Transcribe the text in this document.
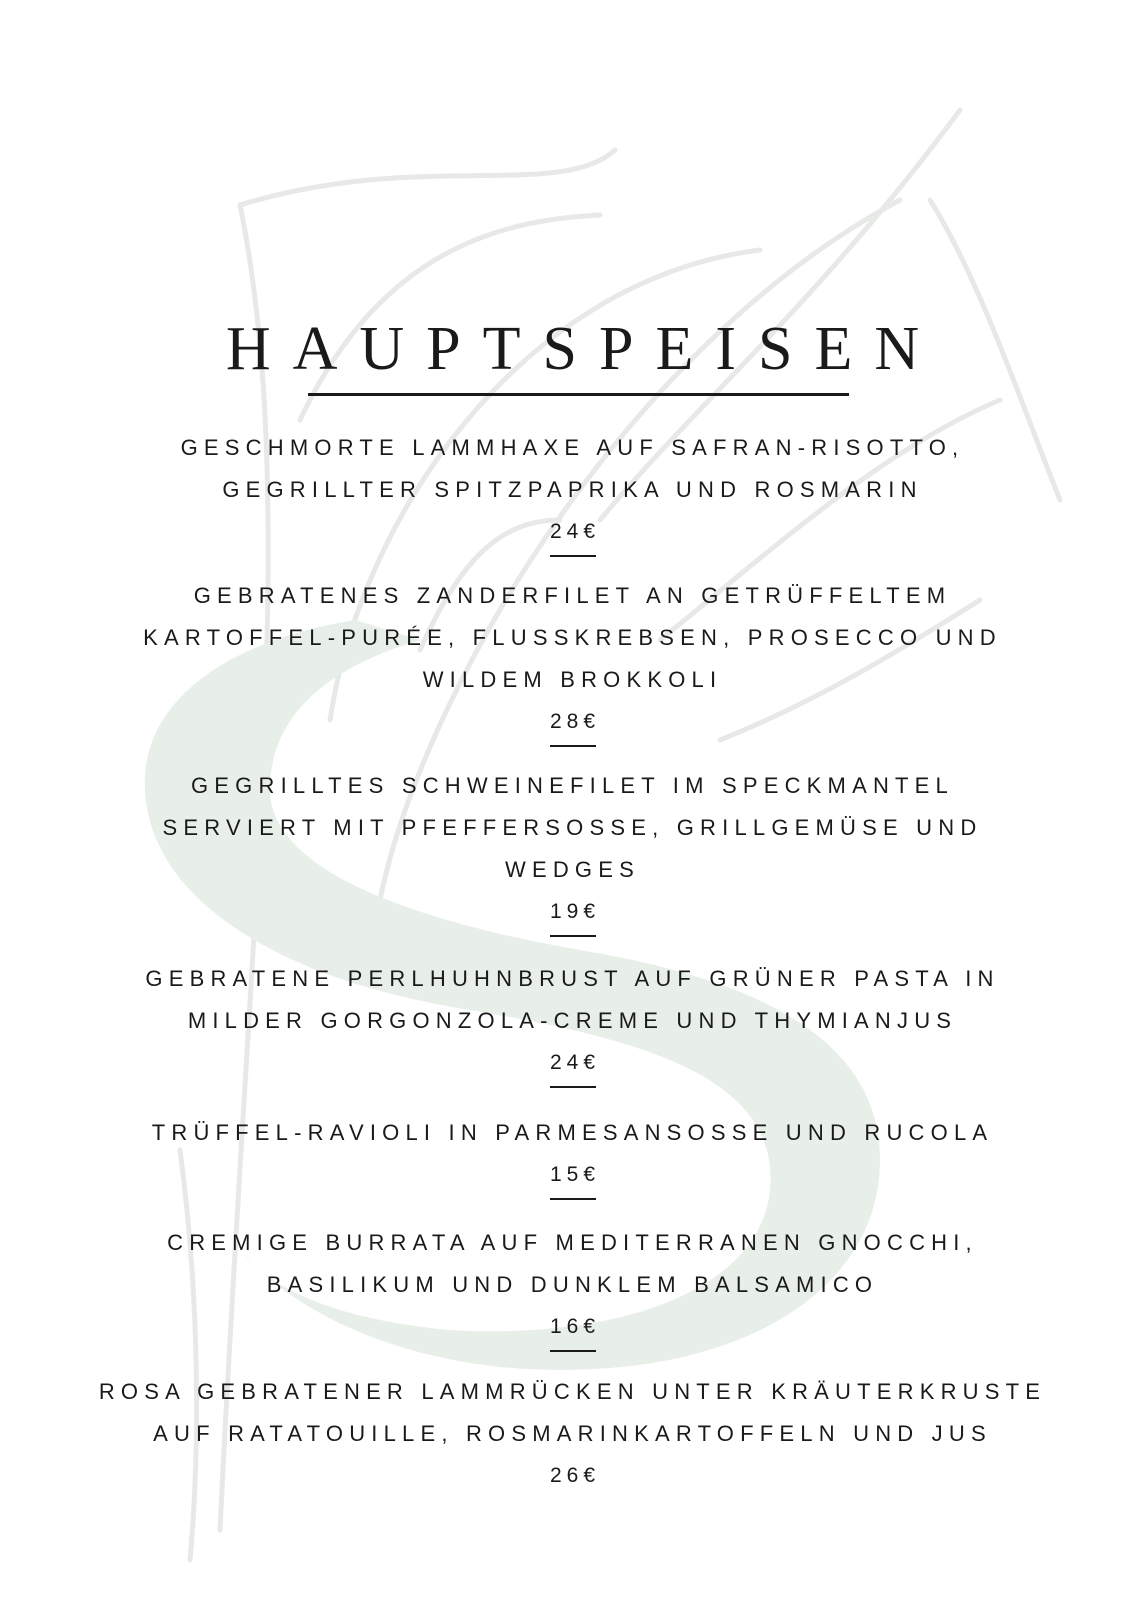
HAUPTSPEISEN

GESCHMORTE LAMMHAXE AUF SAFRAN-RISOTTO,
GEGRILLTER SPITZPAPRIKA UND ROSMARIN

24€

GEBRATENES ZANDERFILET AN GETRÜFFELTEM
KARTOFFEL-PURÉE, FLUSSKREBSEN, PROSECCO UND
WILDEM BROKKOLI

28€

GEGRILLTES SCHWEINEFILET IM SPECKMANTEL
SERVIERT MIT PFEFFERSOSSE, GRILLGEMÜSE UND
WEDGES

19€

GEBRATENE PERLHUHNBRUST AUF GRÜNER PASTA IN
MILDER GORGONZOLA-CREME UND THYMIANJUS

24€

TRÜFFEL-RAVIOLI IN PARMESANSOSSE UND RUCOLA

15€

CREMIGE BURRATA AUF MEDITERRANEN GNOCCHI,
BASILIKUM UND DUNKLEM BALSAMICO

16€

ROSA GEBRATENER LAMMRÜCKEN UNTER KRÄUTERKRUSTE
AUF RATATOUILLE, ROSMARINKARTOFFELN UND JUS

26€
